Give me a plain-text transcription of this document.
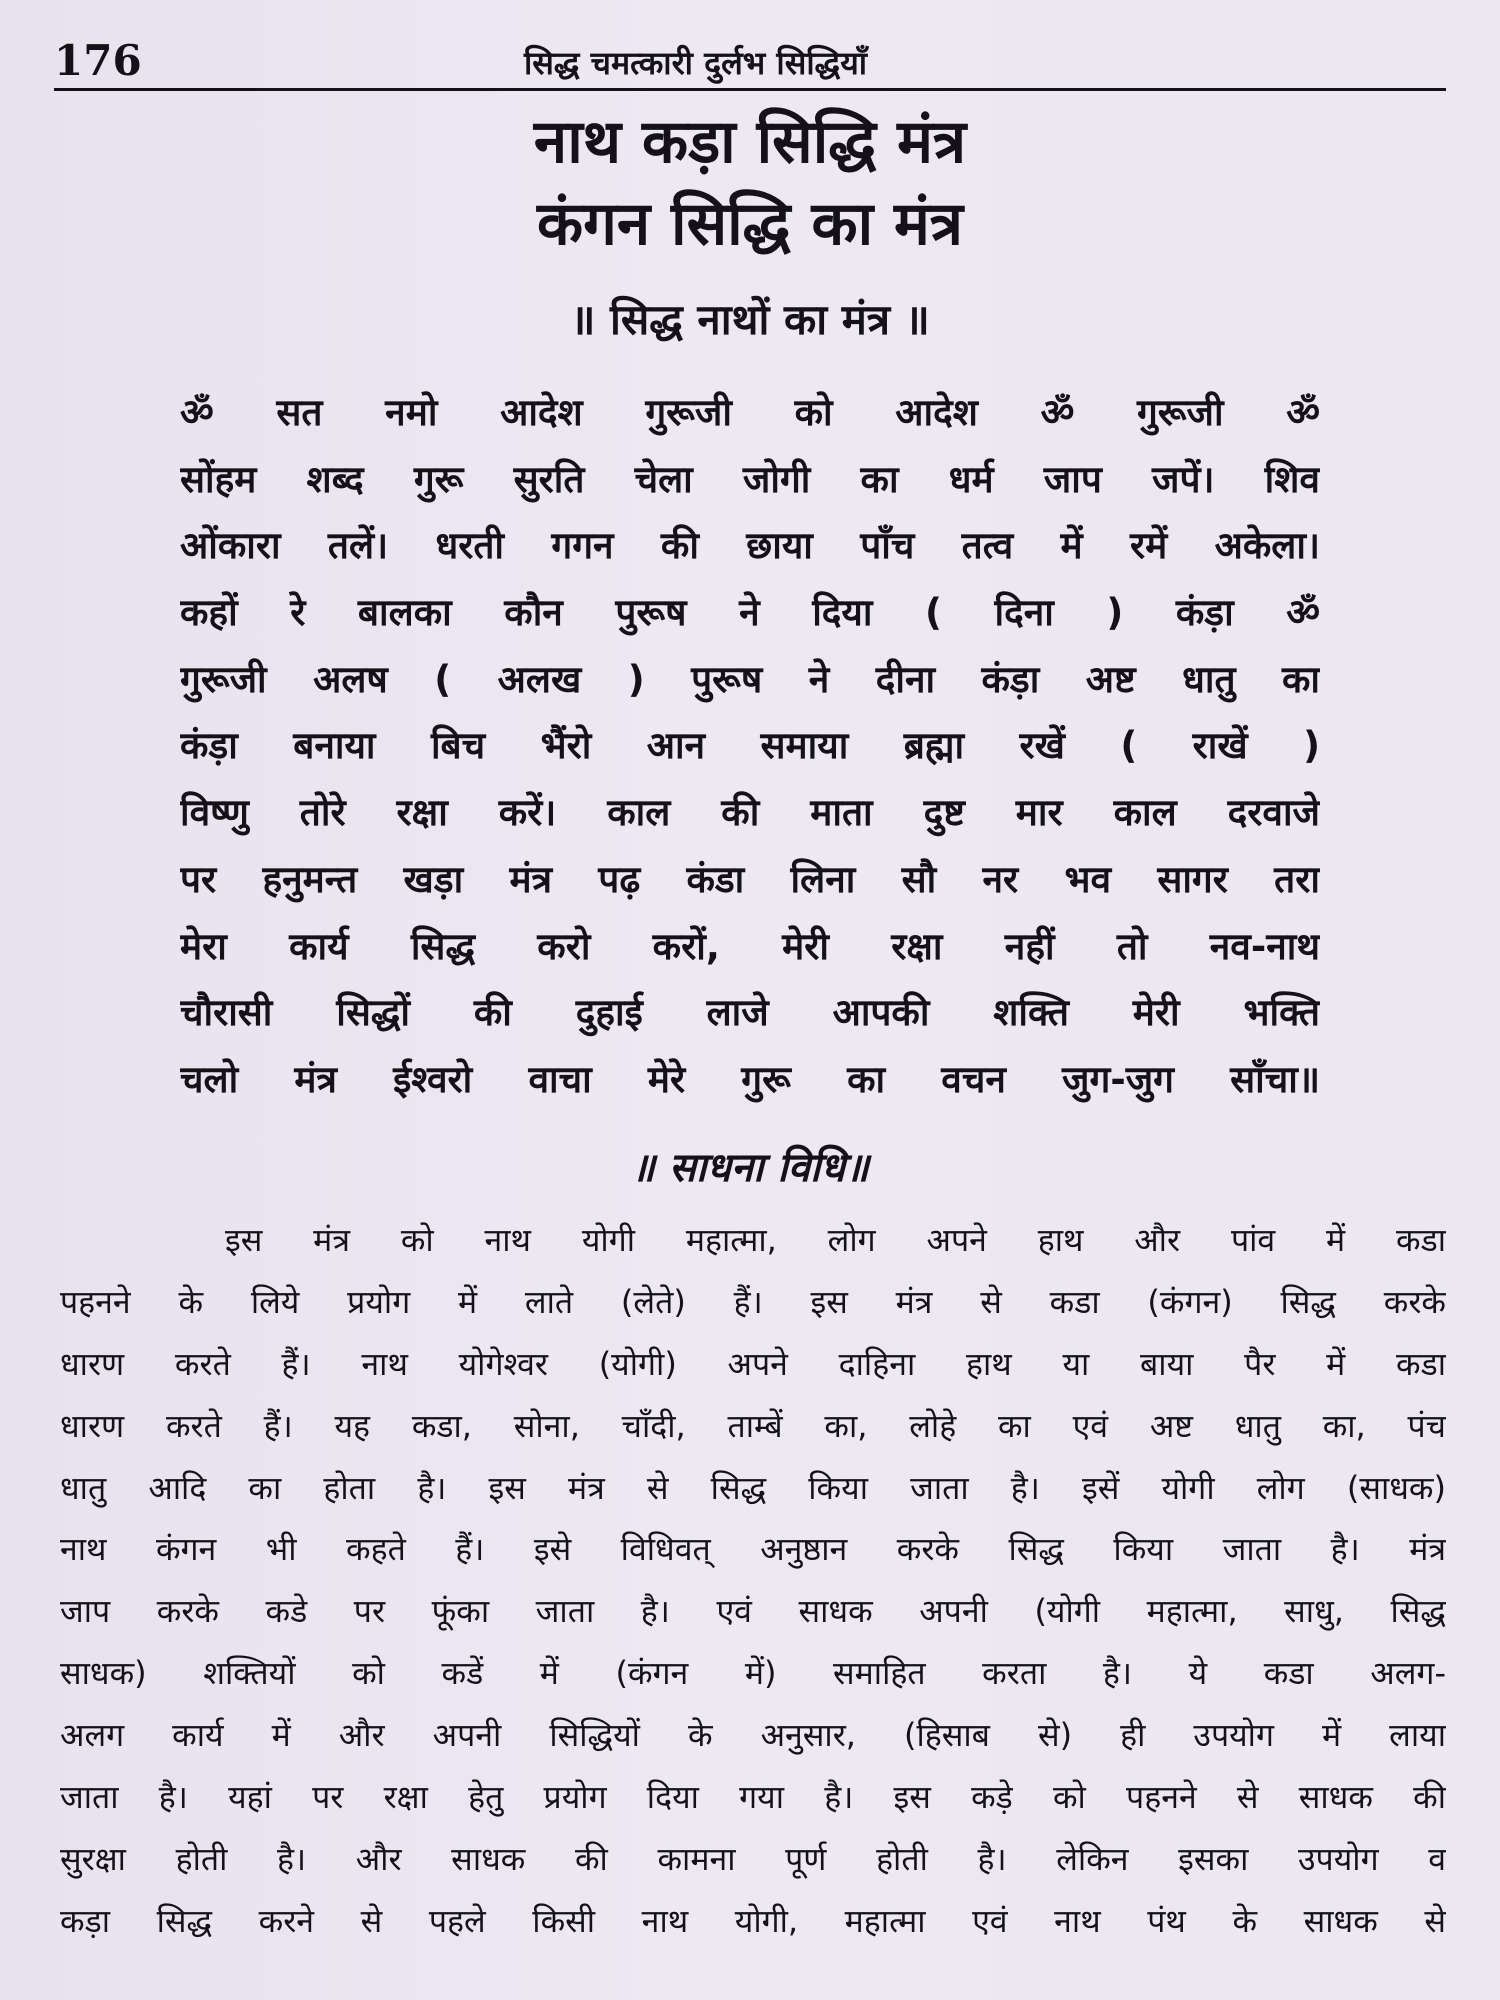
176	सिद्ध चमत्कारी दुर्लभ सिद्धियाँ
नाथ कड़ा सिद्धि मंत्र
कंगन सिद्धि का मंत्र
॥ सिद्ध नाथों का मंत्र ॥
ॐ सत नमो आदेश गुरूजी को आदेश ॐ गुरूजी ॐ
सोंहम शब्द गुरू सुरति चेला जोगी का धर्म जाप जपें। शिव
ओंकारा तलें। धरती गगन की छाया पाँच तत्व में रमें अकेला।
कहों रे बालका कौन पुरूष ने दिया ( दिना ) कंड़ा ॐ
गुरूजी अलष ( अलख ) पुरूष ने दीना कंड़ा अष्ट धातु का
कंड़ा बनाया बिच भैंरो आन समाया ब्रह्मा रखें ( राखें )
विष्णु तोरे रक्षा करें। काल की माता दुष्ट मार काल दरवाजे
पर हनुमन्त खड़ा मंत्र पढ़ कंडा लिना सौ नर भव सागर तरा
मेरा कार्य सिद्ध करो करों, मेरी रक्षा नहीं तो नव-नाथ
चौरासी सिद्धों की दुहाई लाजे आपकी शक्ति मेरी भक्ति
चलो मंत्र ईश्वरो वाचा मेरे गुरू का वचन जुग-जुग साँचा॥
॥ साधना विधि॥
इस मंत्र को नाथ योगी महात्मा, लोग अपने हाथ और पांव में कडा
पहनने के लिये प्रयोग में लाते (लेते) हैं। इस मंत्र से कडा (कंगन) सिद्ध करके
धारण करते हैं। नाथ योगेश्वर (योगी) अपने दाहिना हाथ या बाया पैर में कडा
धारण करते हैं। यह कडा, सोना, चाँदी, ताम्बें का, लोहे का एवं अष्ट धातु का, पंच
धातु आदि का होता है। इस मंत्र से सिद्ध किया जाता है। इसें योगी लोग (साधक)
नाथ कंगन भी कहते हैं। इसे विधिवत् अनुष्ठान करके सिद्ध किया जाता है। मंत्र
जाप करके कडे पर फूंका जाता है। एवं साधक अपनी (योगी महात्मा, साधु, सिद्ध
साधक) शक्तियों को कडें में (कंगन में) समाहित करता है। ये कडा अलग-
अलग कार्य में और अपनी सिद्धियों के अनुसार, (हिसाब से) ही उपयोग में लाया
जाता है। यहां पर रक्षा हेतु प्रयोग दिया गया है। इस कड़े को पहनने से साधक की
सुरक्षा होती है। और साधक की कामना पूर्ण होती है। लेकिन इसका उपयोग व
कड़ा सिद्ध करने से पहले किसी नाथ योगी, महात्मा एवं नाथ पंथ के साधक से
